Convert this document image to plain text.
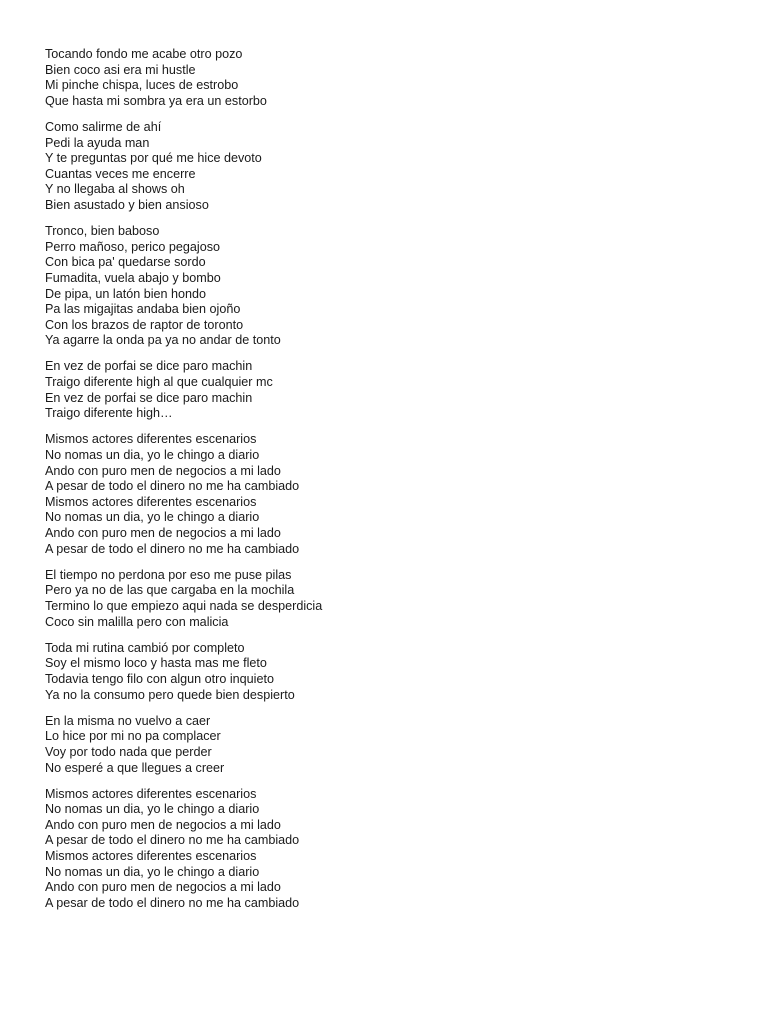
Tocando fondo me acabe otro pozo
Bien coco asi era mi hustle
Mi pinche chispa, luces de estrobo
Que hasta mi sombra ya era un estorbo
Como salirme de ahí
Pedi la ayuda man
Y te preguntas por qué me hice devoto
Cuantas veces me encerre
Y no llegaba al shows oh
Bien asustado y bien ansioso
Tronco, bien baboso
Perro mañoso, perico pegajoso
Con bica pa' quedarse sordo
Fumadita, vuela abajo y bombo
De pipa, un latón bien hondo
Pa las migajitas andaba bien ojoño
Con los brazos de raptor de toronto
Ya agarre la onda pa ya no andar de tonto
En vez de porfai se dice paro machin
Traigo diferente high al que cualquier mc
En vez de porfai se dice paro machin
Traigo diferente high…
Mismos actores diferentes escenarios
No nomas un dia, yo le chingo a diario
Ando con puro men de negocios a mi lado
A pesar de todo el dinero no me ha cambiado
Mismos actores diferentes escenarios
No nomas un dia, yo le chingo a diario
Ando con puro men de negocios a mi lado
A pesar de todo el dinero no me ha cambiado
El tiempo no perdona por eso me puse pilas
Pero ya no de las que cargaba en la mochila
Termino lo que empiezo aqui nada se desperdicia
Coco sin malilla pero con malicia
Toda mi rutina cambió por completo
Soy el mismo loco y hasta mas me fleto
Todavia tengo filo con algun otro inquieto
Ya no la consumo pero quede bien despierto
En la misma no vuelvo a caer
Lo hice por mi no pa complacer
Voy por todo nada que perder
No esperé a que llegues a creer
Mismos actores diferentes escenarios
No nomas un dia, yo le chingo a diario
Ando con puro men de negocios a mi lado
A pesar de todo el dinero no me ha cambiado
Mismos actores diferentes escenarios
No nomas un dia, yo le chingo a diario
Ando con puro men de negocios a mi lado
A pesar de todo el dinero no me ha cambiado
